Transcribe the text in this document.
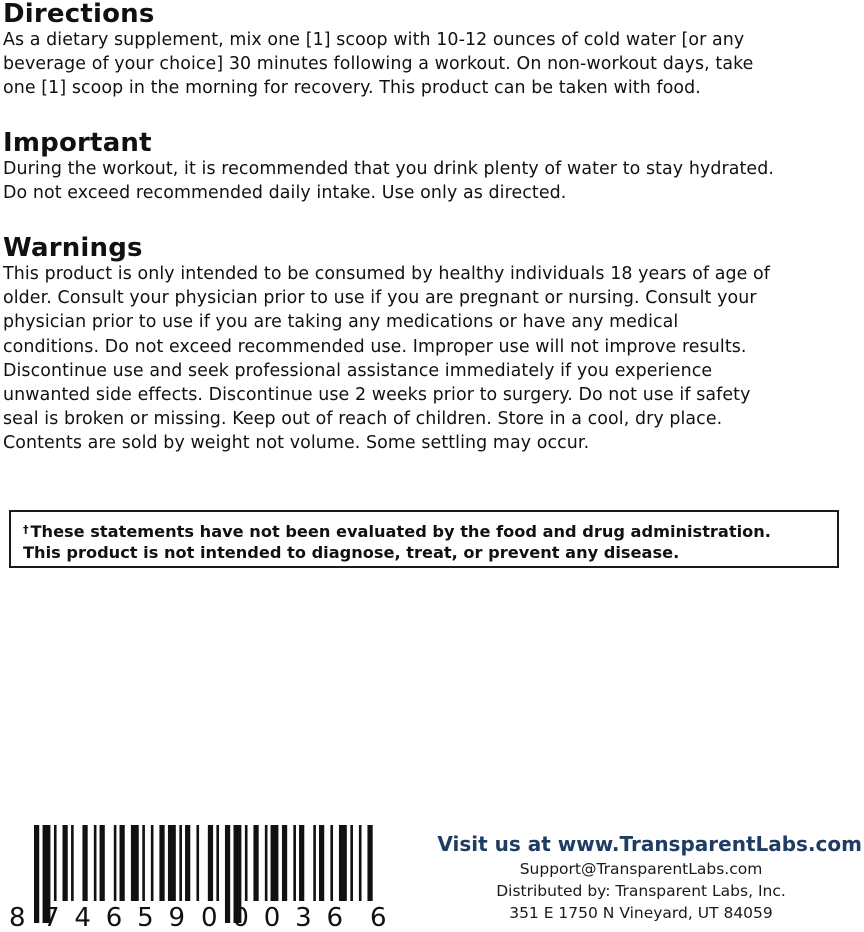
Directions

As a dietary supplement, mix one [1] scoop with 10-12 ounces of cold water [or any
beverage of your choice] 30 minutes following a workout. On non-workout days, take
one [1] scoop in the morning for recovery. This product can be taken with food.

Important

During the workout, it is recommended that you drink plenty of water to stay hydrated.
Do not exceed recommended daily intake. Use only as directed.

Warnings

This product is only intended to be consumed by healthy individuals 18 years of age of
older. Consult your physician prior to use if you are pregnant or nursing. Consult your
physician prior to use if you are taking any medications or have any medical
conditions. Do not exceed recommended use. Improper use will not improve results.
Discontinue use and seek professional assistance immediately if you experience
unwanted side effects. Discontinue use 2 weeks prior to surgery. Do not use if safety
seal is broken or missing. Keep out of reach of children. Store in a cool, dry place.
Contents are sold by weight not volume. Some settling may occur.

† These statements have not been evaluated by the food and drug administration.
This product is not intended to diagnose, treat, or prevent any disease.
8 74659 00036 6
Visit us at www.TransparentLabs.com
Support@TransparentLabs.com
Distributed by: Transparent Labs, Inc.
351 E 1750 N Vineyard, UT 84059
